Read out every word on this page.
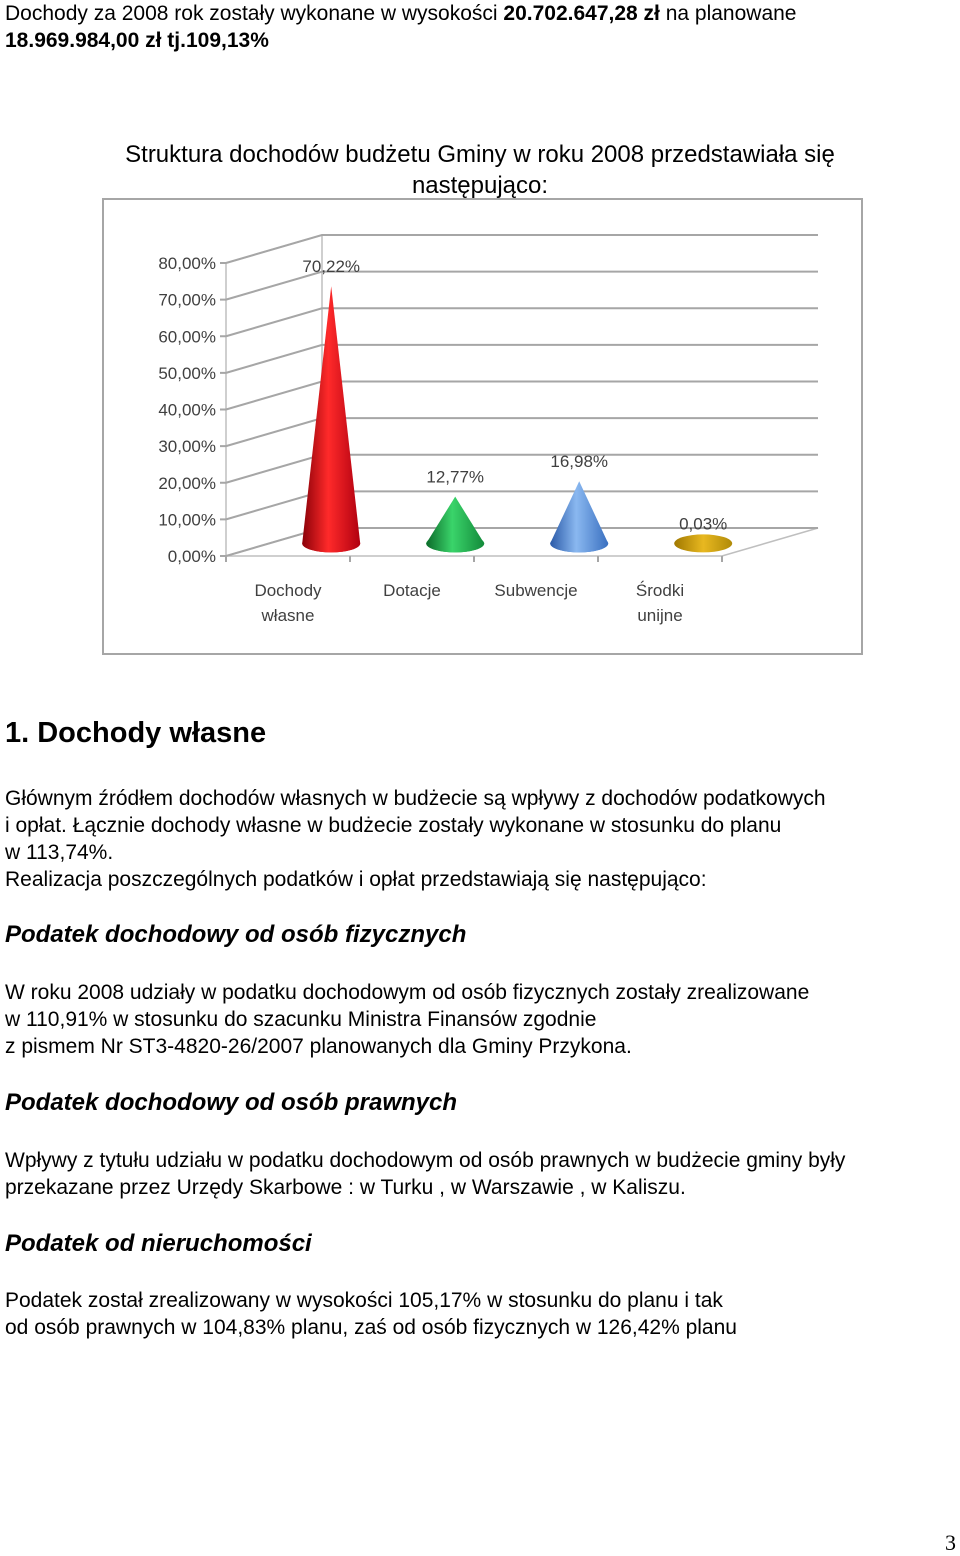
Dochody za 2008 rok zostały wykonane w wysokości 20.702.647,28 zł na planowane
18.969.984,00 zł tj.109,13%
Struktura dochodów budżetu Gminy w roku 2008 przedstawiała się
następująco:
0,00%
10,00%
20,00%
30,00%
40,00%
50,00%
60,00%
70,00%
80,00%	70,22%
Dochody
własne
12,77%
Dotacje
16,98%
Subwencje
0,03%
Środki
unijne
1. Dochody własne
Głównym źródłem dochodów własnych w budżecie są wpływy z dochodów podatkowych
i opłat. Łącznie dochody własne w budżecie zostały wykonane w stosunku do planu
w 113,74%.
Realizacja poszczególnych podatków i opłat przedstawiają się następująco:
Podatek dochodowy od osób fizycznych
W roku 2008 udziały w podatku dochodowym od osób fizycznych zostały zrealizowane
w 110,91% w stosunku do szacunku Ministra Finansów zgodnie
z pismem Nr ST3-4820-26/2007 planowanych dla Gminy Przykona.
Podatek dochodowy od osób prawnych
Wpływy z tytułu udziału w podatku dochodowym od osób prawnych w budżecie gminy były
przekazane przez Urzędy Skarbowe : w Turku , w Warszawie , w Kaliszu.
Podatek od nieruchomości
Podatek został zrealizowany w wysokości 105,17% w stosunku do planu i tak
od osób prawnych w 104,83% planu, zaś od osób fizycznych w 126,42% planu
3
